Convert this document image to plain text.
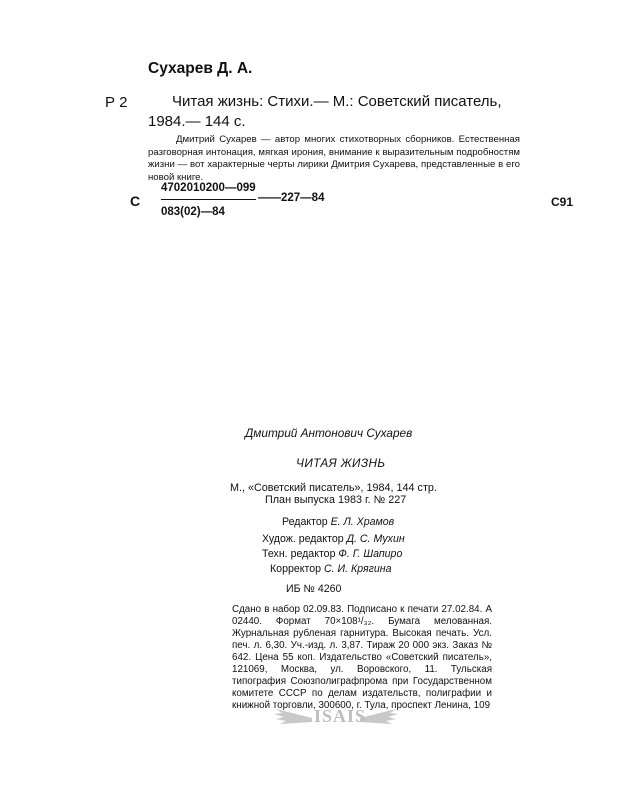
Сухарев Д. А.
Р 2	Читая жизнь: Стихи.— М.: Советский писатель,
1984.— 144 с.

Дмитрий Сухарев — автор многих стихотворных сборников. Естественная разговорная интонация, мягкая ирония, внимание к выразительным подробностям жизни — вот характерные черты лирики Дмитрия Сухарева, представленные в его новой книге.

С
4702010200—099
083(02)—84
——227—84	С91
Дмитрий Антонович Сухарев
ЧИТАЯ ЖИЗНЬ
М., «Советский писатель», 1984, 144 стр.
План выпуска 1983 г. № 227
Редактор Е. Л. Храмов
Худож. редактор Д. С. Мухин
Техн. редактор Ф. Г. Шапиро
Корректор С. И. Крягина
ИБ № 4260
Сдано в набор 02.09.83. Подписано к печати 27.02.84. А 02440. Формат 70×108¹/₃₂. Бумага мелованная. Журнальная рубленая гарнитура. Высокая печать. Усл. печ. л. 6,30. Уч.-изд. л. 3,87. Тираж 20 000 экз. Заказ № 642. Цена 55 коп. Издательство «Советский писатель», 121069, Москва, ул. Воровского, 11. Тульская типография Союзполиграфпрома при Государственном комитете СССР по делам издательств, полиграфии и книжной торговли, 300600, г. Тула, проспект Ленина, 109
ISAIS
